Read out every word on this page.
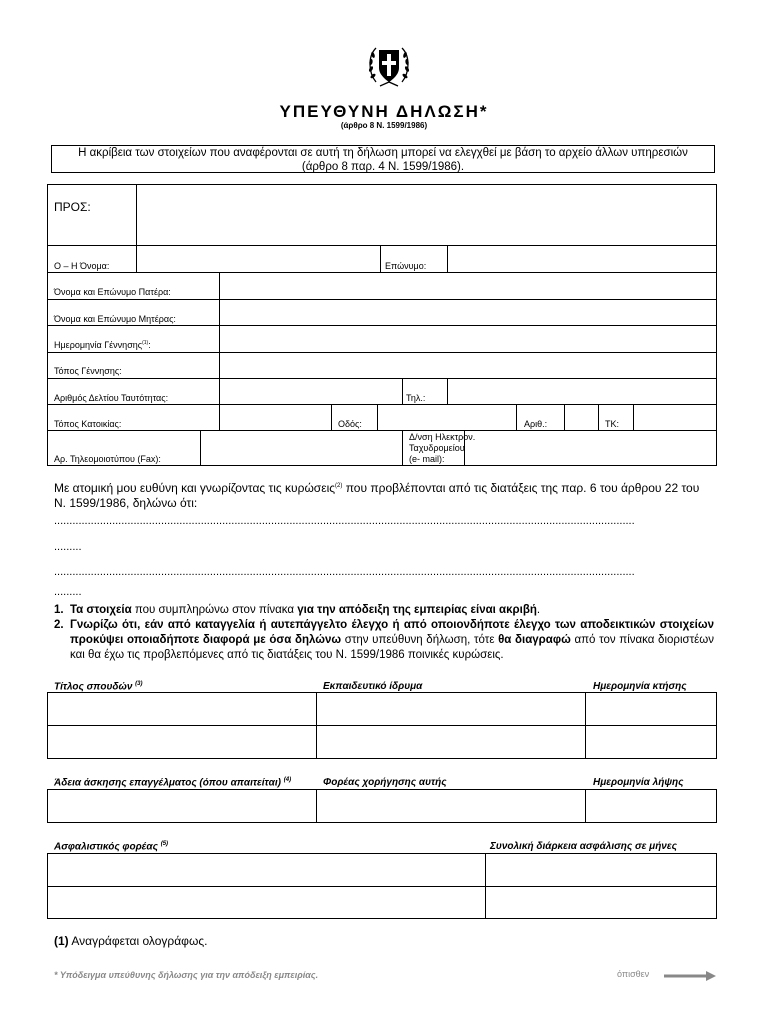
ΥΠΕΥΘΥΝΗ ΔΗΛΩΣΗ*
(άρθρο 8 Ν. 1599/1986)
Η ακρίβεια των στοιχείων που αναφέρονται σε αυτή τη δήλωση μπορεί να ελεγχθεί με βάση το αρχείο άλλων υπηρεσιών
(άρθρο 8 παρ. 4 Ν. 1599/1986).
ΠΡΟΣ:
Ο – Η Όνομα:	Επώνυμο:
Όνομα και Επώνυμο Πατέρα:
Όνομα και Επώνυμο Μητέρας:
Ημερομηνία Γέννησης$^{(1)}$:
Τόπος Γέννησης:
Αριθμός Δελτίου Ταυτότητας:	Τηλ.:
Τόπος Κατοικίας:	Οδός:	Αριθ.:	ΤΚ:
Αρ. Τηλεομοιοτύπου (Fax):
Δ/νση Ηλεκτρον.
Ταχυδρομείου
(e- mail):
Με ατομική μου ευθύνη και γνωρίζοντας τις κυρώσεις$^{(2)}$ που προβλέπονται από τις διατάξεις της παρ. 6 του άρθρου 22 του Ν. 1599/1986, δηλώνω ότι:
..............................................................................................................................................................................................
.........
..............................................................................................................................................................................................
.........
1. Τα στοιχεία που συμπληρώνω στον πίνακα για την απόδειξη της εμπειρίας είναι ακριβή.
2. Γνωρίζω ότι, εάν από καταγγελία ή αυτεπάγγελτο έλεγχο ή από οποιονδήποτε έλεγχο των αποδεικτικών στοιχείων προκύψει οποιαδήποτε διαφορά με όσα δηλώνω στην υπεύθυνη δήλωση, τότε θα διαγραφώ από τον πίνακα διοριστέων και θα έχω τις προβλεπόμενες από τις διατάξεις του Ν. 1599/1986 ποινικές κυρώσεις.
Τίτλος σπουδών $^{(3)}$	Εκπαιδευτικό ίδρυμα	Ημερομηνία κτήσης
Άδεια άσκησης επαγγέλματος (όπου απαιτείται) $^{(4)}$	Φορέας χορήγησης αυτής	Ημερομηνία λήψης
Ασφαλιστικός φορέας $^{(5)}$	Συνολική διάρκεια ασφάλισης σε μήνες
(1) Αναγράφεται ολογράφως.
* Υπόδειγμα υπεύθυνης δήλωσης για την απόδειξη εμπειρίας.	όπισθεν
